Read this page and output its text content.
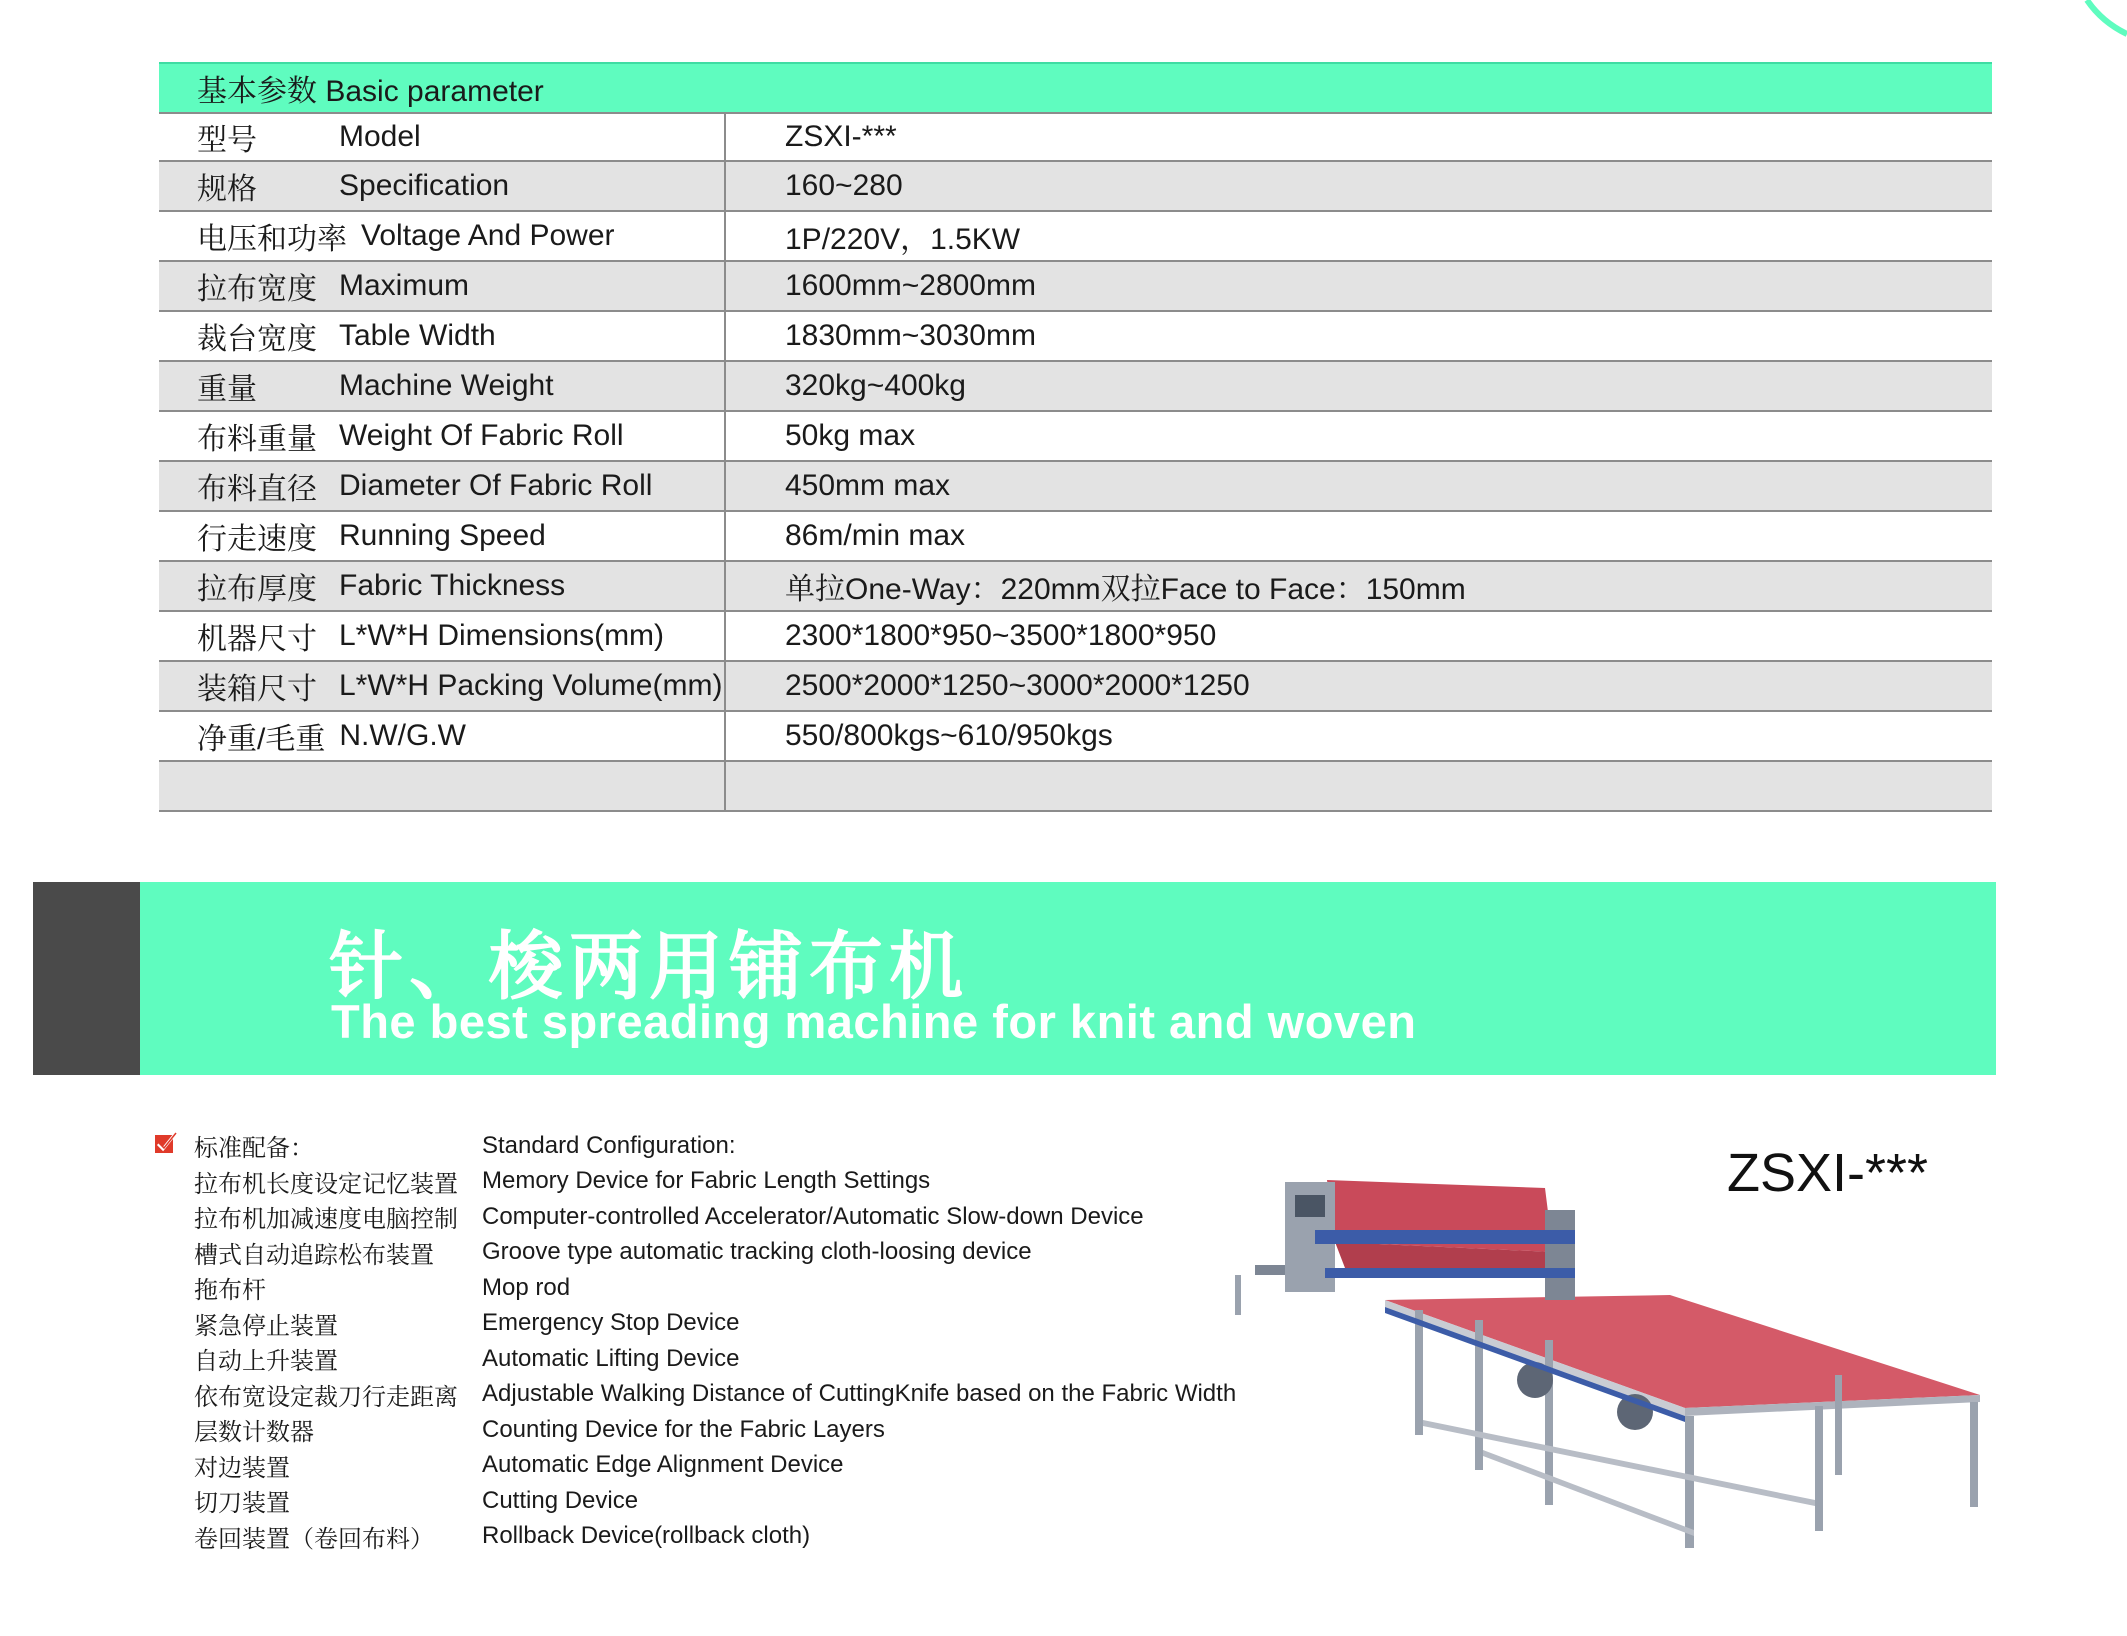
基本参数 Basic parameter
型号	Model	ZSXI-***
规格	Specification	160~280
电压和功率 Voltage And Power	1P/220V，1.5KW
拉布宽度 Maximum	1600mm~2800mm
裁台宽度 Table Width	1830mm~3030mm
重量	Machine Weight	320kg~400kg
布料重量 Weight Of Fabric Roll	50kg max
布料直径 Diameter Of Fabric Roll	450mm max
行走速度 Running Speed	86m/min max
拉布厚度 Fabric Thickness	单拉One-Way：220mm双拉Face to Face：150mm
机器尺寸 L*W*H Dimensions(mm)	2300*1800*950~3500*1800*950
装箱尺寸 L*W*H Packing Volume(mm)	2500*2000*1250~3000*2000*1250
净重/毛重 N.W/G.W	550/800kgs~610/950kgs
针、梭两用铺布机
The best spreading machine for knit and woven
标准配备：	Standard Configuration:
拉布机长度设定记忆装置 Memory Device for Fabric Length Settings
拉布机加减速度电脑控制 Computer-controlled Accelerator/Automatic Slow-down Device
槽式自动追踪松布装置 Groove type automatic tracking cloth-loosing device
拖布杆	Mop rod
紧急停止装置	Emergency Stop Device
自动上升装置	Automatic Lifting Device
依布宽设定裁刀行走距离 Adjustable Walking Distance of CuttingKnife based on the Fabric Width
层数计数器	Counting Device for the Fabric Layers
对边装置	Automatic Edge Alignment Device
切刀装置	Cutting Device
卷回装置（卷回布料） Rollback Device(rollback cloth)
ZSXI-***
